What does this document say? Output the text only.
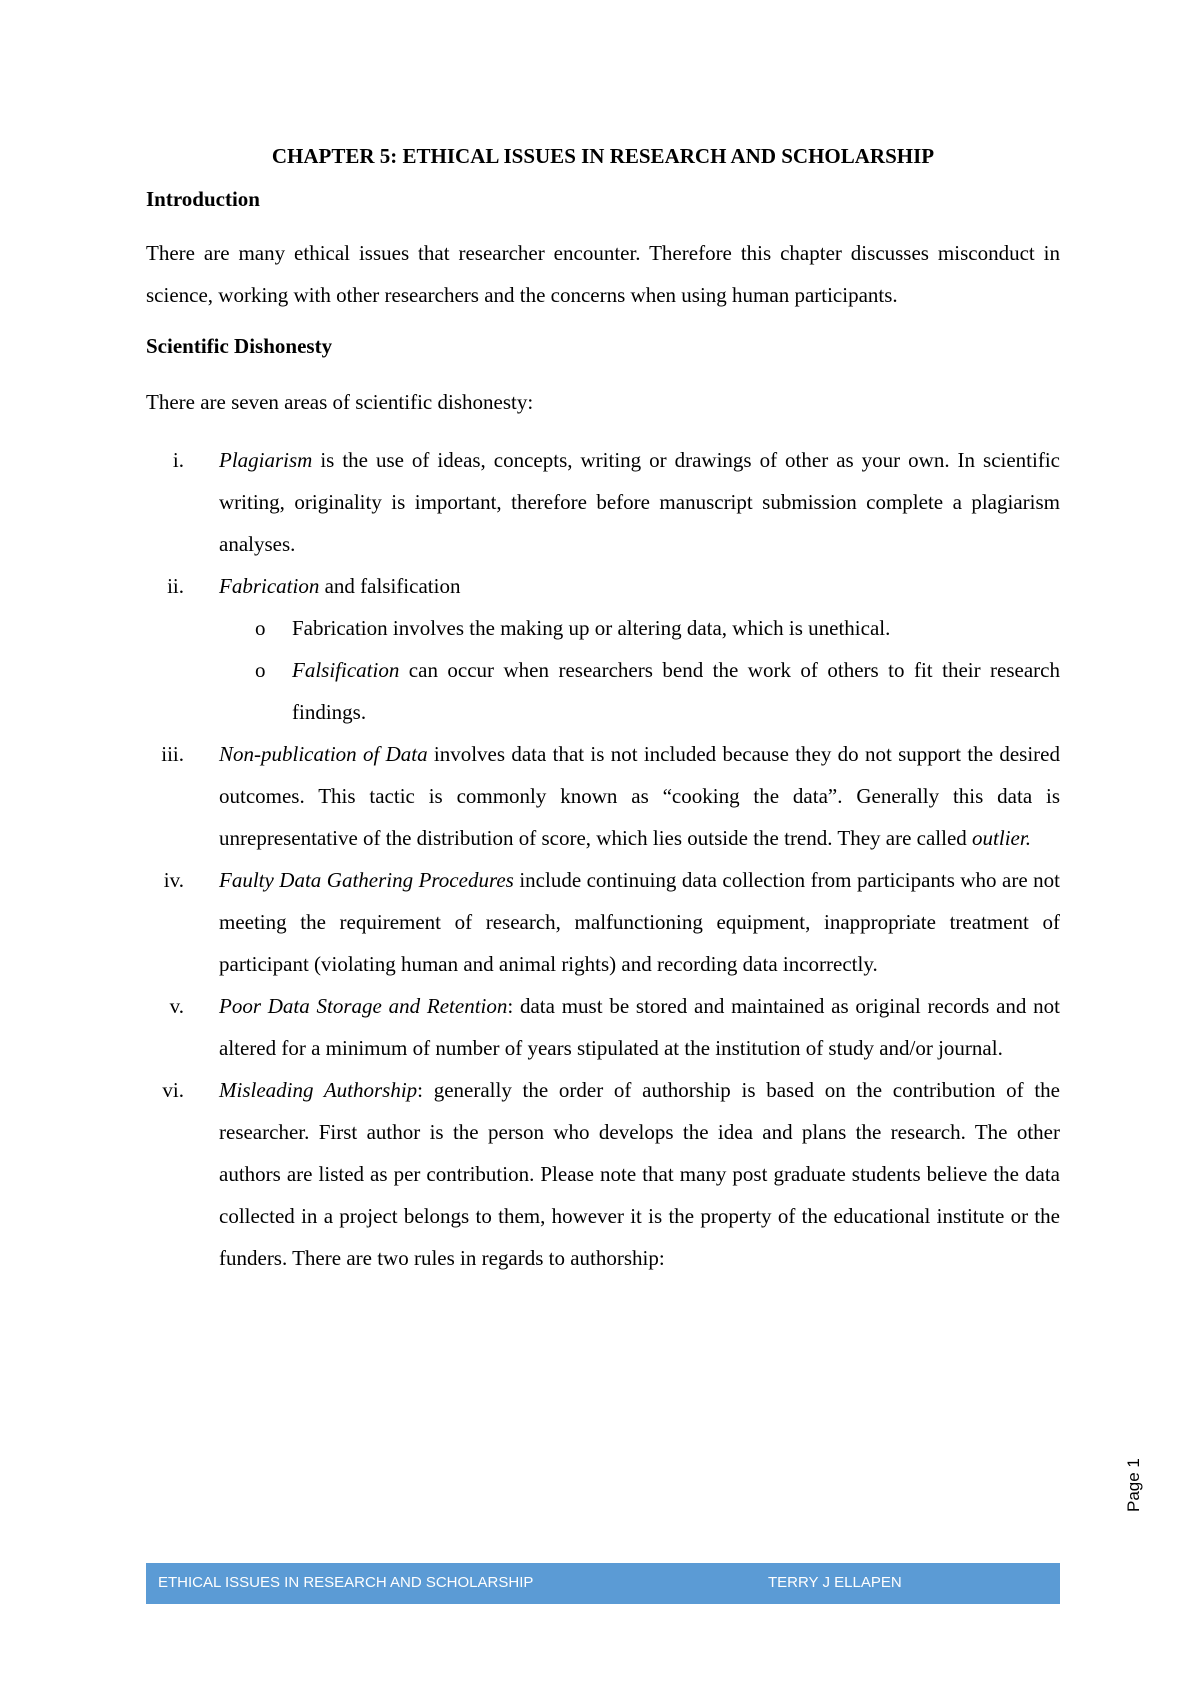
CHAPTER 5: ETHICAL ISSUES IN RESEARCH AND SCHOLARSHIP
Introduction

There are many ethical issues that researcher encounter. Therefore this chapter discusses misconduct in science, working with other researchers and the concerns when using human participants.

Scientific Dishonesty

There are seven areas of scientific dishonesty:

i. Plagiarism is the use of ideas, concepts, writing or drawings of other as your own. In scientific writing, originality is important, therefore before manuscript submission complete a plagiarism analyses.
ii. Fabrication and falsification
o Fabrication involves the making up or altering data, which is unethical.
o Falsification can occur when researchers bend the work of others to fit their research findings.
iii. Non-publication of Data involves data that is not included because they do not support the desired outcomes. This tactic is commonly known as “cooking the data”. Generally this data is unrepresentative of the distribution of score, which lies outside the trend. They are called outlier.
iv. Faulty Data Gathering Procedures include continuing data collection from participants who are not meeting the requirement of research, malfunctioning equipment, inappropriate treatment of participant (violating human and animal rights) and recording data incorrectly.
v. Poor Data Storage and Retention: data must be stored and maintained as original records and not altered for a minimum of number of years stipulated at the institution of study and/or journal.
vi. Misleading Authorship: generally the order of authorship is based on the contribution of the researcher. First author is the person who develops the idea and plans the research. The other authors are listed as per contribution. Please note that many post graduate students believe the data collected in a project belongs to them, however it is the property of the educational institute or the funders. There are two rules in regards to authorship:
Page 1
ETHICAL ISSUES IN RESEARCH AND SCHOLARSHIP	TERRY J ELLAPEN
